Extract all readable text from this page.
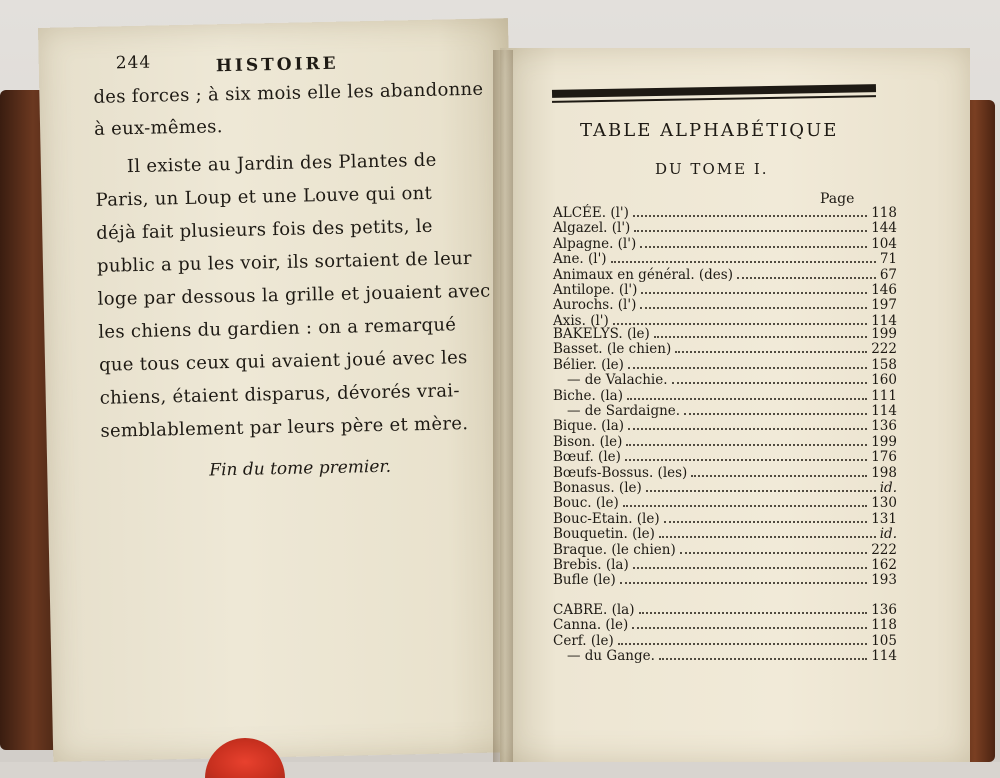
244	HISTOIRE
des forces ; à six mois elle les abandonne
à eux-mêmes.
Il existe au Jardin des Plantes de
Paris, un Loup et une Louve qui ont
déjà fait plusieurs fois des petits, le
public a pu les voir, ils sortaient de leur
loge par dessous la grille et jouaient avec
les chiens du gardien : on a remarqué
que tous ceux qui avaient joué avec les
chiens, étaient disparus, dévorés vrai-
semblablement par leurs père et mère.
Fin du tome premier.
TABLE ALPHABÉTIQUE
DU TOME I.
Page
ALCÉE. (l')	118
Algazel. (l')	144
Alpagne. (l')	104
Ane. (l')	71
Animaux en général. (des)	67
Antilope. (l')	146
Aurochs. (l')	197
Axis. (l')	114
BAKELYS. (le)	199
Basset. (le chien)	222
Bélier. (le)	158
— de Valachie.	160
Biche. (la)	111
— de Sardaigne.	114
Bique. (la)	136
Bison. (le)	199
Bœuf. (le)	176
Bœufs-Bossus. (les)	198
Bonasus. (le)	id.
Bouc. (le)	130
Bouc-Etain. (le)	131
Bouquetin. (le)	id.
Braque. (le chien)	222
Brebis. (la)	162
Bufle (le)	193
CABRE. (la)	136
Canna. (le)	118
Cerf. (le)	105
— du Gange.	114
